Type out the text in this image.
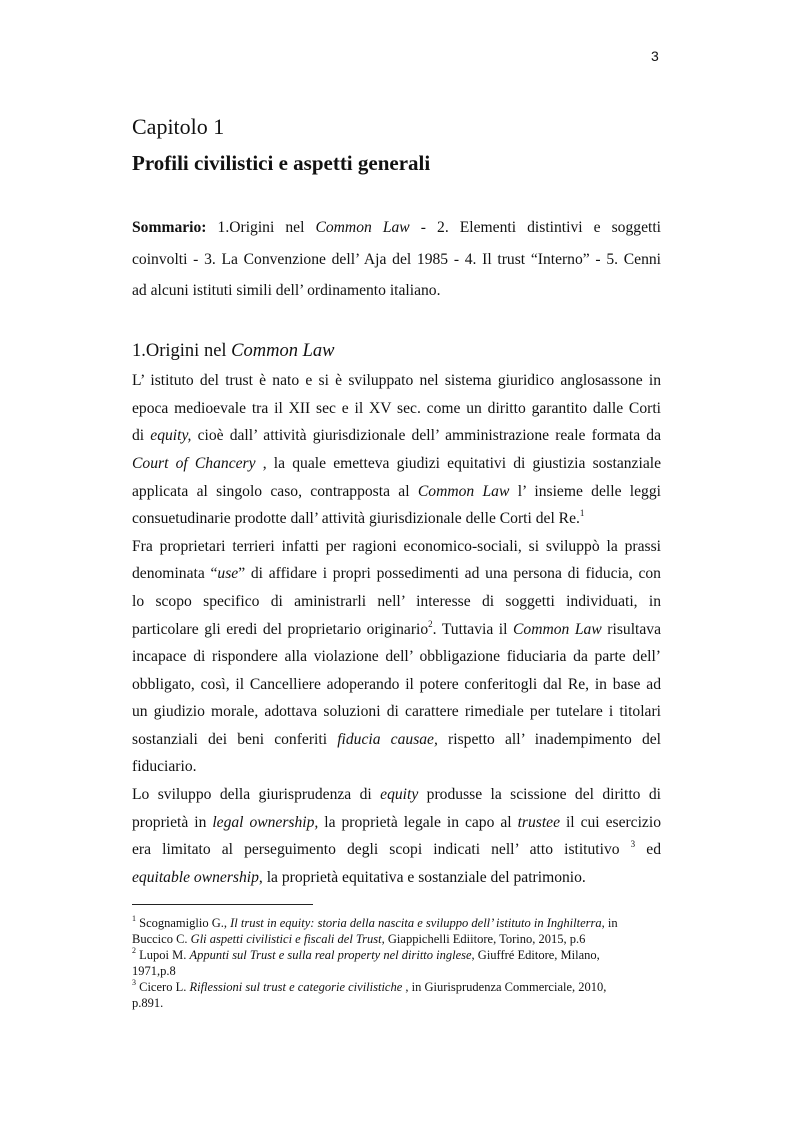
3
Capitolo 1
Profili civilistici e aspetti generali
Sommario: 1.Origini nel Common Law - 2. Elementi distintivi e soggetti
coinvolti - 3. La Convenzione dell’ Aja del 1985 - 4. Il trust “Interno” - 5. Cenni
ad alcuni istituti simili dell’ ordinamento italiano.
1.Origini nel Common Law
L’ istituto del trust è nato e si è sviluppato nel sistema giuridico anglosassone in
epoca medioevale tra il XII sec e il XV sec. come un diritto garantito dalle Corti
di equity, cioè dall’ attività giurisdizionale dell’ amministrazione reale formata da
Court of Chancery , la quale emetteva giudizi equitativi di giustizia sostanziale
applicata al singolo caso, contrapposta al Common Law l’ insieme delle leggi
consuetudinarie prodotte dall’ attività giurisdizionale delle Corti del Re.$^1$
Fra proprietari terrieri infatti per ragioni economico-sociali, si sviluppò la prassi
denominata “use” di affidare i propri possedimenti ad una persona di fiducia, con
lo scopo specifico di aministrarli nell’ interesse di soggetti individuati, in
particolare gli eredi del proprietario originario$^2$. Tuttavia il Common Law risultava
incapace di rispondere alla violazione dell’ obbligazione fiduciaria da parte dell’
obbligato, così, il Cancelliere adoperando il potere conferitogli dal Re, in base ad
un giudizio morale, adottava soluzioni di carattere rimediale per tutelare i titolari
sostanziali dei beni conferiti fiducia causae, rispetto all’ inadempimento del
fiduciario.
Lo sviluppo della giurisprudenza di equity produsse la scissione del diritto di
proprietà in legal ownership, la proprietà legale in capo al trustee il cui esercizio
era limitato al perseguimento degli scopi indicati nell’ atto istitutivo $^3$ ed
equitable ownership, la proprietà equitativa e sostanziale del patrimonio.
$^1$ Scognamiglio G., Il trust in equity: storia della nascita e sviluppo dell’ istituto in Inghilterra, in
Buccico C. Gli aspetti civilistici e fiscali del Trust, Giappichelli Ediitore, Torino, 2015, p.6
$^2$ Lupoi M. Appunti sul Trust e sulla real property nel diritto inglese, Giuffré Editore, Milano,
1971,p.8
$^3$ Cicero L. Riflessioni sul trust e categorie civilistiche , in Giurisprudenza Commerciale, 2010,
p.891.
